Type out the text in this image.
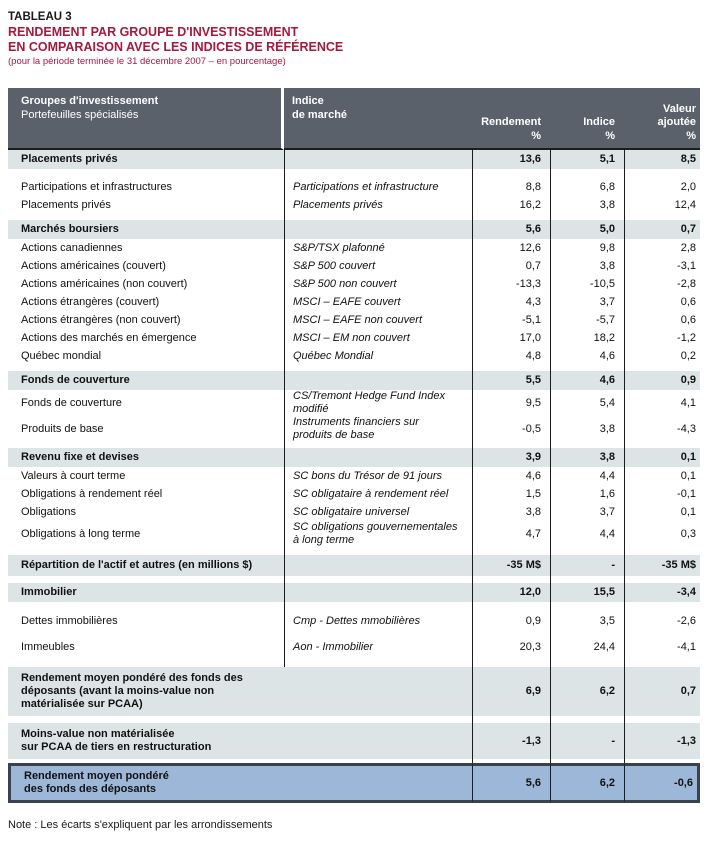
TABLEAU 3
RENDEMENT PAR GROUPE D'INVESTISSEMENT
EN COMPARAISON AVEC LES INDICES DE RÉFÉRENCE
(pour la période terminée le 31 décembre 2007 – en pourcentage)
Groupes d'investissement
Portefeuilles spécialisés

Indice
de marché

Rendement
%

Indice
%

Valeur
ajoutée
%

Placements privés		13,6	5,1	8,5

Participations et infrastructures	Participations et infrastructure	8,8	6,8	2,0
Placements privés	Placements privés	16,2	3,8	12,4

Marchés boursiers		5,6	5,0	0,7
Actions canadiennes	S&P/TSX plafonné	12,6	9,8	2,8
Actions américaines (couvert)	S&P 500 couvert	0,7	3,8	-3,1
Actions américaines (non couvert)	S&P 500 non couvert	-13,3	-10,5	-2,8
Actions étrangères (couvert)	MSCI – EAFE couvert	4,3	3,7	0,6
Actions étrangères (non couvert)	MSCI – EAFE non couvert	-5,1	-5,7	0,6
Actions des marchés en émergence	MSCI – EM non couvert	17,0	18,2	-1,2
Québec mondial	Québec Mondial	4,8	4,6	0,2

Fonds de couverture		5,5	4,6	0,9
Fonds de couverture	CS/Tremont Hedge Fund Index
modifié	9,5	5,4	4,1
Produits de base	Instruments financiers sur
produits de base	-0,5	3,8	-4,3

Revenu fixe et devises		3,9	3,8	0,1
Valeurs à court terme	SC bons du Trésor de 91 jours	4,6	4,4	0,1
Obligations à rendement réel	SC obligataire à rendement réel	1,5	1,6	-0,1
Obligations	SC obligataire universel	3,8	3,7	0,1
Obligations à long terme	SC obligations gouvernementales
à long terme	4,7	4,4	0,3

Répartition de l'actif et autres (en millions $)		-35 M$	-	-35 M$

Immobilier		12,0	15,5	-3,4

Dettes immobilières	Cmp - Dettes mmobilières	0,9	3,5	-2,6
Immeubles	Aon - Immobilier	20,3	24,4	-4,1

Rendement moyen pondéré des fonds des
déposants (avant la moins-value non
matérialisée sur PCAA)		6,9	6,2	0,7

Moins-value non matérialisée
sur PCAA de tiers en restructuration		-1,3	-	-1,3

Rendement moyen pondéré
des fonds des déposants		5,6	6,2	-0,6
Note : Les écarts s'expliquent par les arrondissements
